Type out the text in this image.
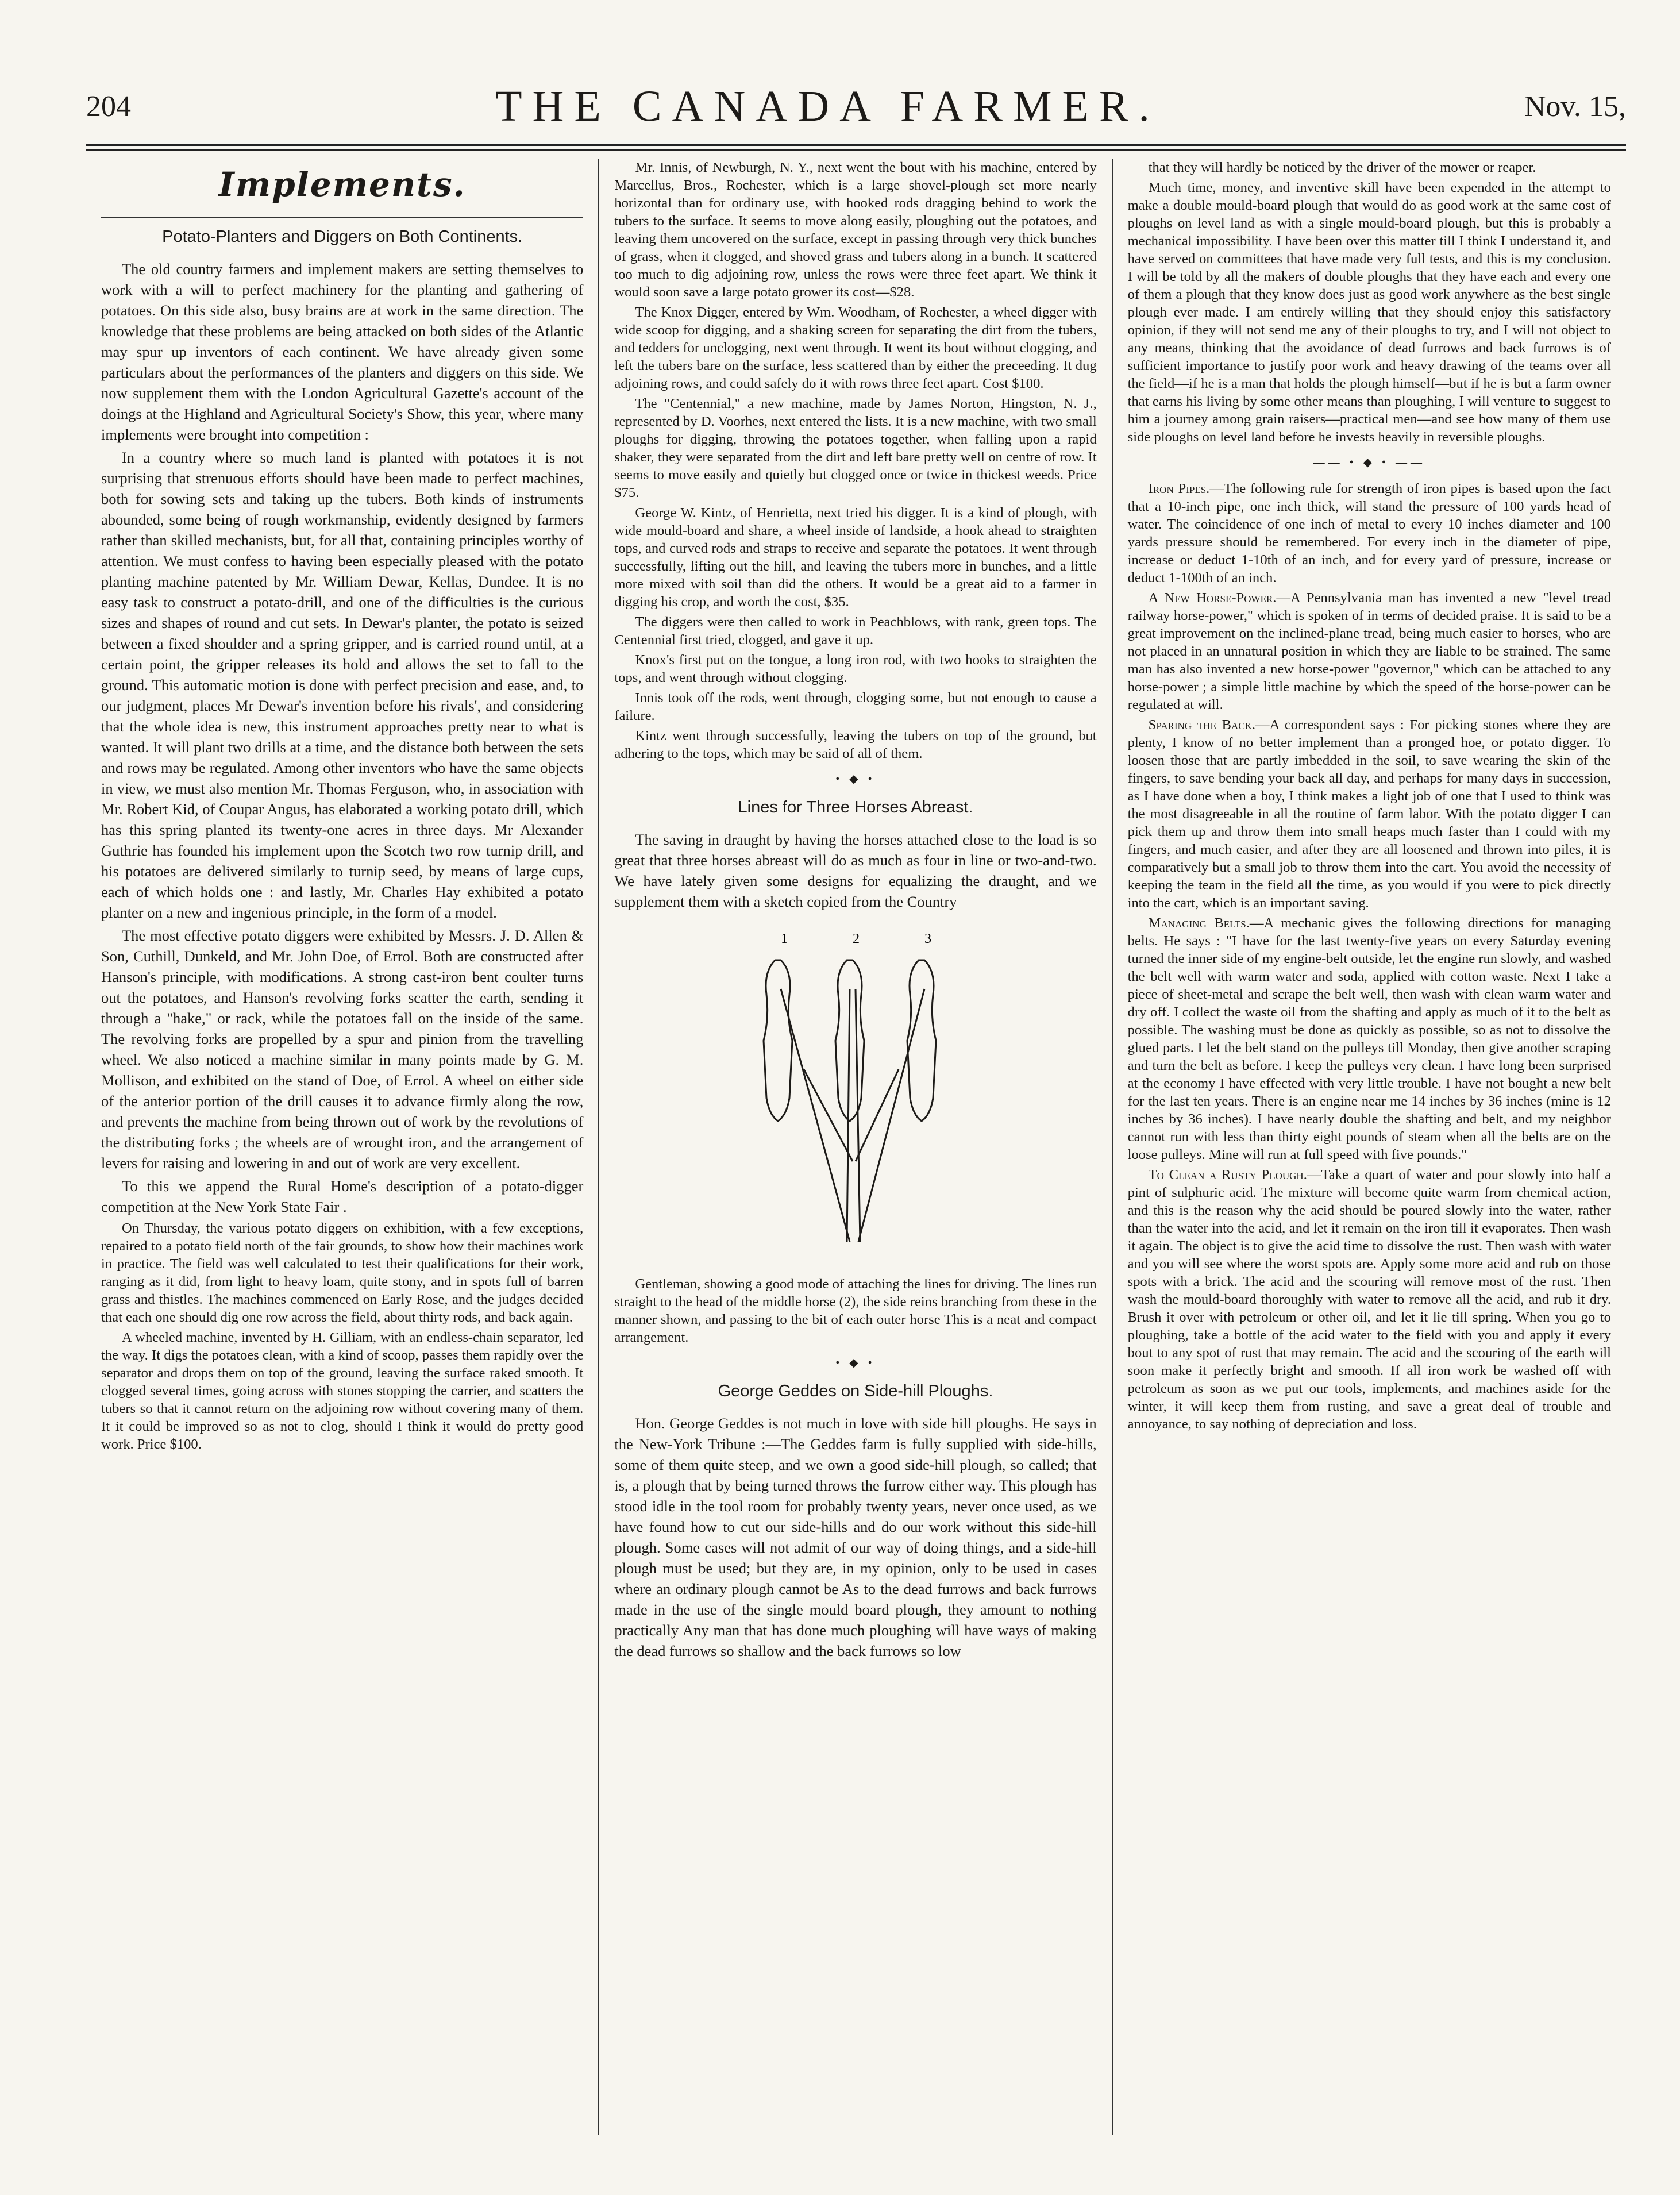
204	THE CANADA FARMER.	Nov. 15,
Implements.
Potato-Planters and Diggers on Both Continents.

The old country farmers and implement makers are setting themselves to work with a will to perfect machinery for the planting and gathering of potatoes. On this side also, busy brains are at work in the same direction. The knowledge that these problems are being attacked on both sides of the Atlantic may spur up inventors of each continent. We have already given some particulars about the performances of the planters and diggers on this side. We now supplement them with the London Agricultural Gazette's account of the doings at the Highland and Agricultural Society's Show, this year, where many implements were brought into competition :

In a country where so much land is planted with potatoes it is not surprising that strenuous efforts should have been made to perfect machines, both for sowing sets and taking up the tubers. Both kinds of instruments abounded, some being of rough workmanship, evidently designed by farmers rather than skilled mechanists, but, for all that, containing principles worthy of attention. We must confess to having been especially pleased with the potato planting machine patented by Mr. William Dewar, Kellas, Dundee. It is no easy task to construct a potato-drill, and one of the difficulties is the curious sizes and shapes of round and cut sets. In Dewar's planter, the potato is seized between a fixed shoulder and a spring gripper, and is carried round until, at a certain point, the gripper releases its hold and allows the set to fall to the ground. This automatic motion is done with perfect precision and ease, and, to our judgment, places Mr Dewar's invention before his rivals', and considering that the whole idea is new, this instrument approaches pretty near to what is wanted. It will plant two drills at a time, and the distance both between the sets and rows may be regulated. Among other inventors who have the same objects in view, we must also mention Mr. Thomas Ferguson, who, in association with Mr. Robert Kid, of Coupar Angus, has elaborated a working potato drill, which has this spring planted its twenty-one acres in three days. Mr Alexander Guthrie has founded his implement upon the Scotch two row turnip drill, and his potatoes are delivered similarly to turnip seed, by means of large cups, each of which holds one : and lastly, Mr. Charles Hay exhibited a potato planter on a new and ingenious principle, in the form of a model.

The most effective potato diggers were exhibited by Messrs. J. D. Allen & Son, Cuthill, Dunkeld, and Mr. John Doe, of Errol. Both are constructed after Hanson's principle, with modifications. A strong cast-iron bent coulter turns out the potatoes, and Hanson's revolving forks scatter the earth, sending it through a "hake," or rack, while the potatoes fall on the inside of the same. The revolving forks are propelled by a spur and pinion from the travelling wheel. We also noticed a machine similar in many points made by G. M. Mollison, and exhibited on the stand of Doe, of Errol. A wheel on either side of the anterior portion of the drill causes it to advance firmly along the row, and prevents the machine from being thrown out of work by the revolutions of the distributing forks ; the wheels are of wrought iron, and the arrangement of levers for raising and lowering in and out of work are very excellent.

To this we append the Rural Home's description of a potato-digger competition at the New York State Fair .

On Thursday, the various potato diggers on exhibition, with a few exceptions, repaired to a potato field north of the fair grounds, to show how their machines work in practice. The field was well calculated to test their qualifications for their work, ranging as it did, from light to heavy loam, quite stony, and in spots full of barren grass and thistles. The machines commenced on Early Rose, and the judges decided that each one should dig one row across the field, about thirty rods, and back again.

A wheeled machine, invented by H. Gilliam, with an endless-chain separator, led the way. It digs the potatoes clean, with a kind of scoop, passes them rapidly over the separator and drops them on top of the ground, leaving the surface raked smooth. It clogged several times, going across with stones stopping the carrier, and scatters the tubers so that it cannot return on the adjoining row without covering many of them. It it could be improved so as not to clog, should I think it would do pretty good work. Price $100.

Mr. Innis, of Newburgh, N. Y., next went the bout with his machine, entered by Marcellus, Bros., Rochester, which is a large shovel-plough set more nearly horizontal than for ordinary use, with hooked rods dragging behind to work the tubers to the surface. It seems to move along easily, ploughing out the potatoes, and leaving them uncovered on the surface, except in passing through very thick bunches of grass, when it clogged, and shoved grass and tubers along in a bunch. It scattered too much to dig adjoining row, unless the rows were three feet apart. We think it would soon save a large potato grower its cost—$28.

The Knox Digger, entered by Wm. Woodham, of Rochester, a wheel digger with wide scoop for digging, and a shaking screen for separating the dirt from the tubers, and tedders for unclogging, next went through. It went its bout without clogging, and left the tubers bare on the surface, less scattered than by either the preceeding. It dug adjoining rows, and could safely do it with rows three feet apart. Cost $100.

The "Centennial," a new machine, made by James Norton, Hingston, N. J., represented by D. Voorhes, next entered the lists. It is a new machine, with two small ploughs for digging, throwing the potatoes together, when falling upon a rapid shaker, they were separated from the dirt and left bare pretty well on centre of row. It seems to move easily and quietly but clogged once or twice in thickest weeds. Price $75.

George W. Kintz, of Henrietta, next tried his digger. It is a kind of plough, with wide mould-board and share, a wheel inside of landside, a hook ahead to straighten tops, and curved rods and straps to receive and separate the potatoes. It went through successfully, lifting out the hill, and leaving the tubers more in bunches, and a little more mixed with soil than did the others. It would be a great aid to a farmer in digging his crop, and worth the cost, $35.

The diggers were then called to work in Peachblows, with rank, green tops. The Centennial first tried, clogged, and gave it up.

Knox's first put on the tongue, a long iron rod, with two hooks to straighten the tops, and went through without clogging.

Innis took off the rods, went through, clogging some, but not enough to cause a failure.

Kintz went through successfully, leaving the tubers on top of the ground, but adhering to the tops, which may be said of all of them.

—— • ◆ • ——
Lines for Three Horses Abreast.

The saving in draught by having the horses attached close to the load is so great that three horses abreast will do as much as four in line or two-and-two. We have lately given some designs for equalizing the draught, and we supplement them with a sketch copied from the Country

1	2	3

Gentleman, showing a good mode of attaching the lines for driving. The lines run straight to the head of the middle horse (2), the side reins branching from these in the manner shown, and passing to the bit of each outer horse This is a neat and compact arrangement.

—— • ◆ • ——
George Geddes on Side-hill Ploughs.

Hon. George Geddes is not much in love with side hill ploughs. He says in the New-York Tribune :—The Geddes farm is fully supplied with side-hills, some of them quite steep, and we own a good side-hill plough, so called; that is, a plough that by being turned throws the furrow either way. This plough has stood idle in the tool room for probably twenty years, never once used, as we have found how to cut our side-hills and do our work without this side-hill plough. Some cases will not admit of our way of doing things, and a side-hill plough must be used; but they are, in my opinion, only to be used in cases where an ordinary plough cannot be As to the dead furrows and back furrows made in the use of the single mould board plough, they amount to nothing practically Any man that has done much ploughing will have ways of making the dead furrows so shallow and the back furrows so low

that they will hardly be noticed by the driver of the mower or reaper.

Much time, money, and inventive skill have been expended in the attempt to make a double mould-board plough that would do as good work at the same cost of ploughs on level land as with a single mould-board plough, but this is probably a mechanical impossibility. I have been over this matter till I think I understand it, and have served on committees that have made very full tests, and this is my conclusion. I will be told by all the makers of double ploughs that they have each and every one of them a plough that they know does just as good work anywhere as the best single plough ever made. I am entirely willing that they should enjoy this satisfactory opinion, if they will not send me any of their ploughs to try, and I will not object to any means, thinking that the avoidance of dead furrows and back furrows is of sufficient importance to justify poor work and heavy drawing of the teams over all the field—if he is a man that holds the plough himself—but if he is but a farm owner that earns his living by some other means than ploughing, I will venture to suggest to him a journey among grain raisers—practical men—and see how many of them use side ploughs on level land before he invests heavily in reversible ploughs.

—— • ◆ • ——

Iron Pipes.—The following rule for strength of iron pipes is based upon the fact that a 10-inch pipe, one inch thick, will stand the pressure of 100 yards head of water. The coincidence of one inch of metal to every 10 inches diameter and 100 yards pressure should be remembered. For every inch in the diameter of pipe, increase or deduct 1-10th of an inch, and for every yard of pressure, increase or deduct 1-100th of an inch.

A New Horse-Power.—A Pennsylvania man has invented a new "level tread railway horse-power," which is spoken of in terms of decided praise. It is said to be a great improvement on the inclined-plane tread, being much easier to horses, who are not placed in an unnatural position in which they are liable to be strained. The same man has also invented a new horse-power "governor," which can be attached to any horse-power ; a simple little machine by which the speed of the horse-power can be regulated at will.

Sparing the Back.—A correspondent says : For picking stones where they are plenty, I know of no better implement than a pronged hoe, or potato digger. To loosen those that are partly imbedded in the soil, to save wearing the skin of the fingers, to save bending your back all day, and perhaps for many days in succession, as I have done when a boy, I think makes a light job of one that I used to think was the most disagreeable in all the routine of farm labor. With the potato digger I can pick them up and throw them into small heaps much faster than I could with my fingers, and much easier, and after they are all loosened and thrown into piles, it is comparatively but a small job to throw them into the cart. You avoid the necessity of keeping the team in the field all the time, as you would if you were to pick directly into the cart, which is an important saving.

Managing Belts.—A mechanic gives the following directions for managing belts. He says : "I have for the last twenty-five years on every Saturday evening turned the inner side of my engine-belt outside, let the engine run slowly, and washed the belt well with warm water and soda, applied with cotton waste. Next I take a piece of sheet-metal and scrape the belt well, then wash with clean warm water and dry off. I collect the waste oil from the shafting and apply as much of it to the belt as possible. The washing must be done as quickly as possible, so as not to dissolve the glued parts. I let the belt stand on the pulleys till Monday, then give another scraping and turn the belt as before. I keep the pulleys very clean. I have long been surprised at the economy I have effected with very little trouble. I have not bought a new belt for the last ten years. There is an engine near me 14 inches by 36 inches (mine is 12 inches by 36 inches). I have nearly double the shafting and belt, and my neighbor cannot run with less than thirty eight pounds of steam when all the belts are on the loose pulleys. Mine will run at full speed with five pounds."

To Clean a Rusty Plough.—Take a quart of water and pour slowly into half a pint of sulphuric acid. The mixture will become quite warm from chemical action, and this is the reason why the acid should be poured slowly into the water, rather than the water into the acid, and let it remain on the iron till it evaporates. Then wash it again. The object is to give the acid time to dissolve the rust. Then wash with water and you will see where the worst spots are. Apply some more acid and rub on those spots with a brick. The acid and the scouring will remove most of the rust. Then wash the mould-board thoroughly with water to remove all the acid, and rub it dry. Brush it over with petroleum or other oil, and let it lie till spring. When you go to ploughing, take a bottle of the acid water to the field with you and apply it every bout to any spot of rust that may remain. The acid and the scouring of the earth will soon make it perfectly bright and smooth. If all iron work be washed off with petroleum as soon as we put our tools, implements, and machines aside for the winter, it will keep them from rusting, and save a great deal of trouble and annoyance, to say nothing of depreciation and loss.
